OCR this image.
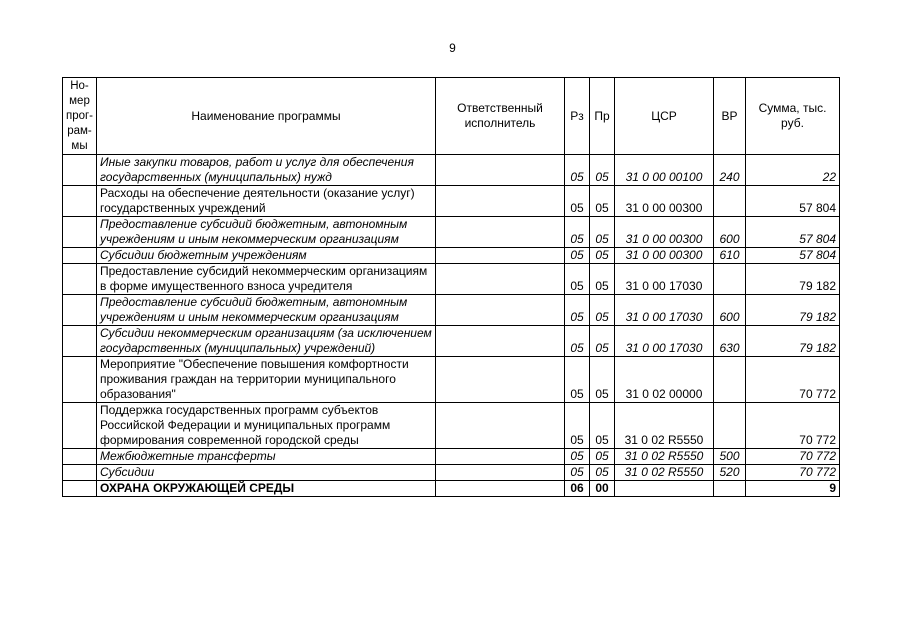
9
Но-мер прог-рам-мы	Наименование программы	Ответственный исполнитель	Рз	Пр	ЦСР	ВР	Сумма, тыс. руб.
	Иные закупки товаров, работ и услуг для обеспечения государственных (муниципальных) нужд		05	05	31 0 00 00100	240	22
	Расходы на обеспечение деятельности (оказание услуг) государственных учреждений		05	05	31 0 00 00300		57 804
	Предоставление субсидий бюджетным, автономным учреждениям и иным некоммерческим организациям		05	05	31 0 00 00300	600	57 804
	Субсидии бюджетным учреждениям		05	05	31 0 00 00300	610	57 804
	Предоставление субсидий некоммерческим организациям в форме имущественного взноса учредителя		05	05	31 0 00 17030		79 182
	Предоставление субсидий бюджетным, автономным учреждениям и иным некоммерческим организациям		05	05	31 0 00 17030	600	79 182
	Субсидии некоммерческим организациям (за исключением государственных (муниципальных) учреждений)		05	05	31 0 00 17030	630	79 182
	Мероприятие "Обеспечение повышения комфортности проживания граждан на территории муниципального образования"		05	05	31 0 02 00000		70 772
	Поддержка государственных программ субъектов Российской Федерации и муниципальных программ формирования современной городской среды		05	05	31 0 02 R5550		70 772
	Межбюджетные трансферты		05	05	31 0 02 R5550	500	70 772
	Субсидии		05	05	31 0 02 R5550	520	70 772
	ОХРАНА ОКРУЖАЮЩЕЙ СРЕДЫ		06	00			9
